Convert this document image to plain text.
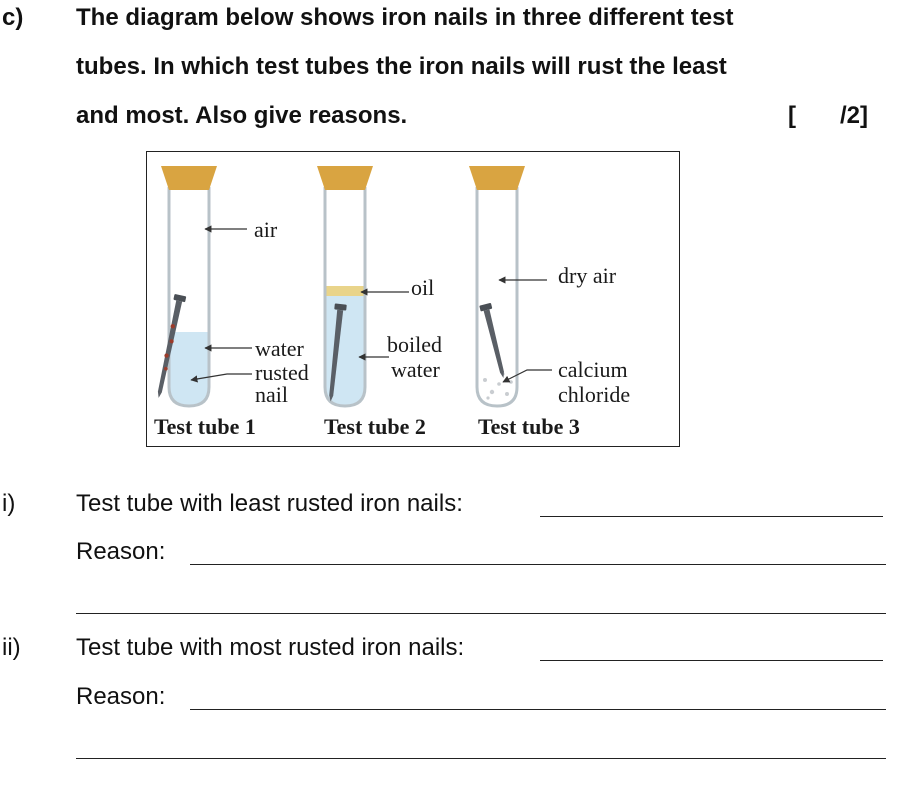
c) The diagram below shows iron nails in three different test
tubes. In which test tubes the iron nails will rust the least
and most. Also give reasons.	[ /2]
air
water
rusted
nail
oil
boiled
water
dry air
calcium
chloride
Test tube 1	Test tube 2 Test tube 3
i)	Test tube with least rusted iron nails:
Reason:
ii) Test tube with most rusted iron nails:
Reason:
